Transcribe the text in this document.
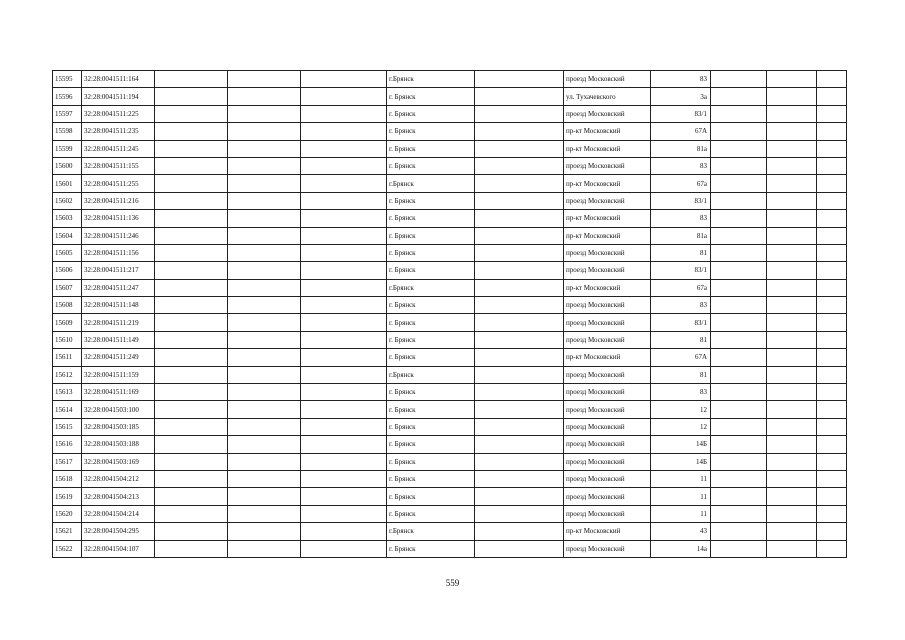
15595	32:28:0041511:164				г.Брянск		проезд Московский	83			
15596	32:28:0041511:194				г. Брянск		ул. Тухачевского	3а			
15597	32:28:0041511:225				г. Брянск		проезд Московский	83/1			
15598	32:28:0041511:235				г. Брянск		пр-кт Московский	67А			
15599	32:28:0041511:245				г. Брянск		пр-кт Московский	81а			
15600	32:28:0041511:155				г. Брянск		проезд Московский	83			
15601	32:28:0041511:255				г.Брянск		пр-кт Московский	67а			
15602	32:28:0041511:216				г. Брянск		проезд Московский	83/1			
15603	32:28:0041511:136				г. Брянск		пр-кт Московский	83			
15604	32:28:0041511:246				г. Брянск		пр-кт Московский	81а			
15605	32:28:0041511:156				г. Брянск		проезд Московский	81			
15606	32:28:0041511:217				г. Брянск		проезд Московский	83/1			
15607	32:28:0041511:247				г.Брянск		пр-кт Московский	67а			
15608	32:28:0041511:148				г. Брянск		проезд Московский	83			
15609	32:28:0041511:219				г. Брянск		проезд Московский	83/1			
15610	32:28:0041511:149				г. Брянск		проезд Московский	81			
15611	32:28:0041511:249				г. Брянск		пр-кт Московский	67А			
15612	32:28:0041511:159				г.Брянск		проезд Московский	81			
15613	32:28:0041511:169				г. Брянск		проезд Московский	83			
15614	32:28:0041503:100				г. Брянск		проезд Московский	12			
15615	32:28:0041503:185				г. Брянск		проезд Московский	12			
15616	32:28:0041503:188				г. Брянск		проезд Московский	14Б			
15617	32:28:0041503:169				г. Брянск		проезд Московский	14Б			
15618	32:28:0041504:212				г. Брянск		проезд Московский	11			
15619	32:28:0041504:213				г. Брянск		проезд Московский	11			
15620	32:28:0041504:214				г. Брянск		проезд Московский	11			
15621	32:28:0041504:295				г.Брянск		пр-кт Московский	43			
15622	32:28:0041504:107				г. Брянск		проезд Московский	14а			
559
